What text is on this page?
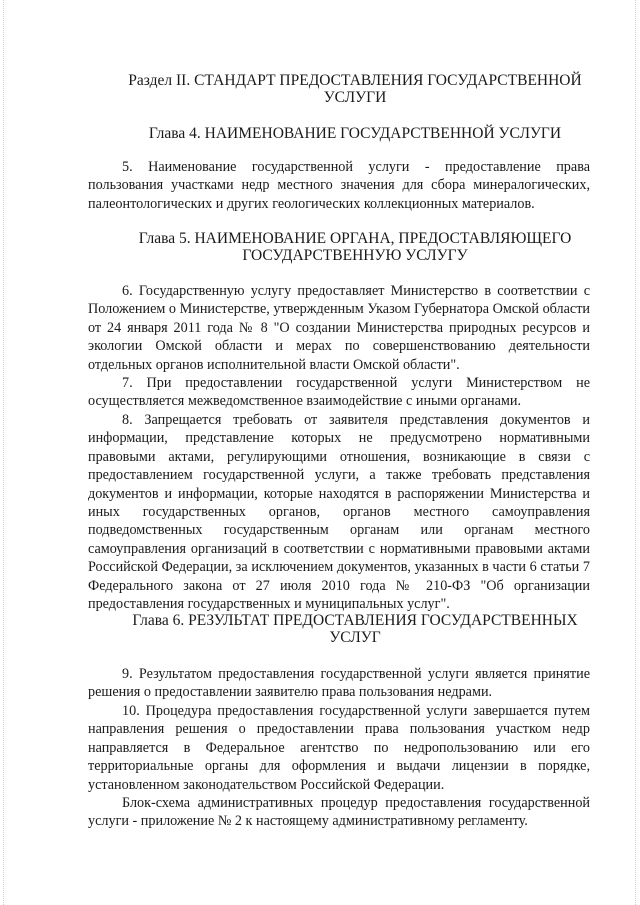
Раздел II. СТАНДАРТ ПРЕДОСТАВЛЕНИЯ ГОСУДАРСТВЕННОЙ
УСЛУГИ
Глава 4. НАИМЕНОВАНИЕ ГОСУДАРСТВЕННОЙ УСЛУГИ

5. Наименование государственной услуги - предоставление права пользования участками недр местного значения для сбора минералогических, палеонтологических и других геологических коллекционных материалов.

Глава 5. НАИМЕНОВАНИЕ ОРГАНА, ПРЕДОСТАВЛЯЮЩЕГО
ГОСУДАРСТВЕННУЮ УСЛУГУ

6. Государственную услугу предоставляет Министерство в соответствии с Положением о Министерстве, утвержденным Указом Губернатора Омской области от 24 января 2011 года № 8 "О создании Министерства природных ресурсов и экологии Омской области и мерах по совершенствованию деятельности отдельных органов исполнительной власти Омской области".

7. При предоставлении государственной услуги Министерством не осуществляется межведомственное взаимодействие с иными органами.

8. Запрещается требовать от заявителя представления документов и информации, представление которых не предусмотрено нормативными правовыми актами, регулирующими отношения, возникающие в связи с предоставлением государственной услуги, а также требовать представления документов и информации, которые находятся в распоряжении Министерства и иных государственных органов, органов местного самоуправления подведомственных государственным органам или органам местного самоуправления организаций в соответствии с нормативными правовыми актами Российской Федерации, за исключением документов, указанных в части 6 статьи 7 Федерального закона от 27 июля 2010 года № 210-ФЗ "Об организации предоставления государственных и муниципальных услуг".

Глава 6. РЕЗУЛЬТАТ ПРЕДОСТАВЛЕНИЯ ГОСУДАРСТВЕННЫХ
УСЛУГ

9. Результатом предоставления государственной услуги является принятие решения о предоставлении заявителю права пользования недрами.

10. Процедура предоставления государственной услуги завершается путем направления решения о предоставлении права пользования участком недр направляется в Федеральное агентство по недропользованию или его территориальные органы для оформления и выдачи лицензии в порядке, установленном законодательством Российской Федерации.

Блок-схема административных процедур предоставления государственной услуги - приложение № 2 к настоящему административному регламенту.
